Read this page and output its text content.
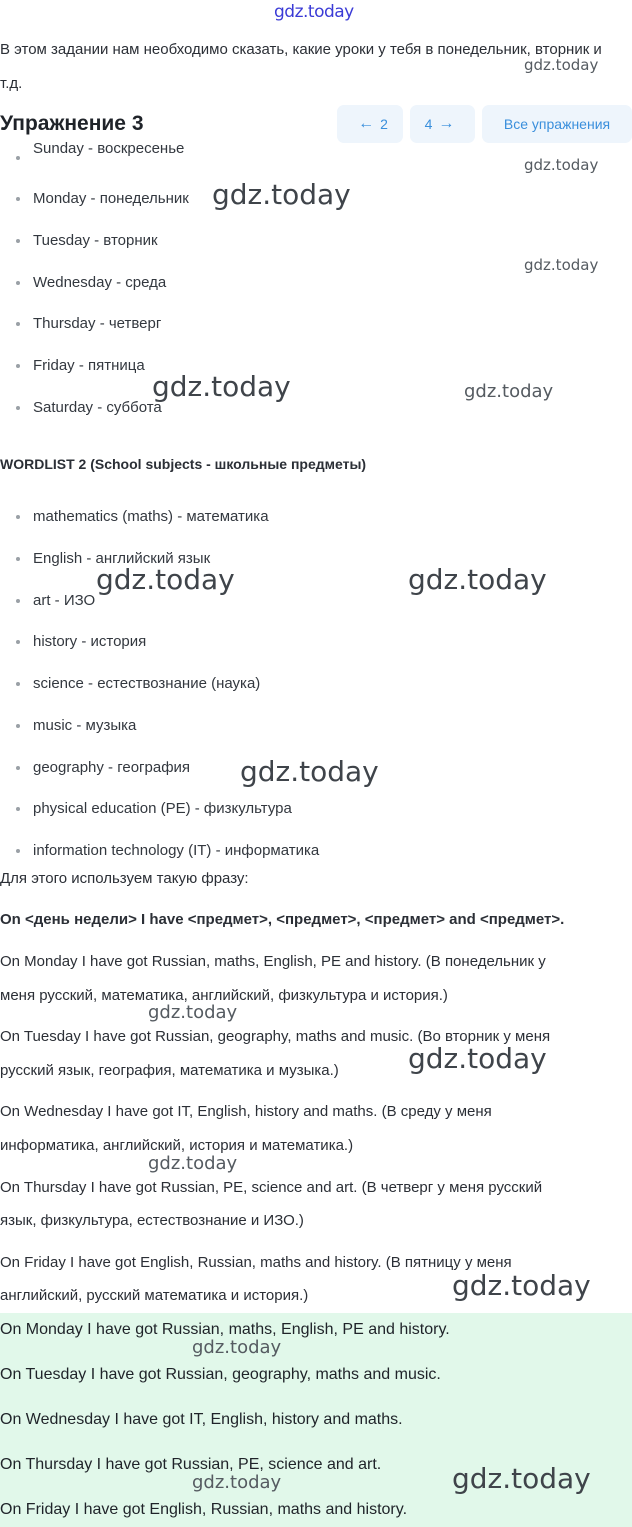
gdz.today
В этом задании нам необходимо сказать, какие уроки у тебя в понедельник, вторник и т.д.
Упражнение 3	← 2	4 →	Все упражнения
Sunday - воскресенье
Monday - понедельник
Tuesday - вторник
Wednesday - среда
Thursday - четверг
Friday - пятница
Saturday - суббота
WORDLIST 2 (School subjects - школьные предметы)
mathematics (maths) - математика
English - английский язык
art - ИЗО
history - история
science - естествознание (наука)
music - музыка
geography - география
physical education (PE) - физкультура
information technology (IT) - информатика
Для этого используем такую фразу:
On <день недели> I have <предмет>, <предмет>, <предмет> and <предмет>.
On Monday I have got Russian, maths, English, PE and history. (В понедельник у
меня русский, математика, английский, физкультура и история.)
On Tuesday I have got Russian, geography, maths and music. (Во вторник у меня
русский язык, география, математика и музыка.)
On Wednesday I have got IT, English, history and maths. (В среду у меня
информатика, английский, история и математика.)
On Thursday I have got Russian, PE, science and art. (В четверг у меня русский
язык, физкультура, естествознание и ИЗО.)
On Friday I have got English, Russian, maths and history. (В пятницу у меня
английский, русский математика и история.)
On Monday I have got Russian, maths, English, PE and history.
On Tuesday I have got Russian, geography, maths and music.
On Wednesday I have got IT, English, history and maths.
On Thursday I have got Russian, PE, science and art.
On Friday I have got English, Russian, maths and history.
gdz.today
gdz.today
gdz.today
gdz.today
gdz.today	gdz.today
gdz.today	gdz.today
gdz.today
gdz.today
gdz.today
gdz.today
gdz.today
gdz.today
gdz.today
gdz.today
